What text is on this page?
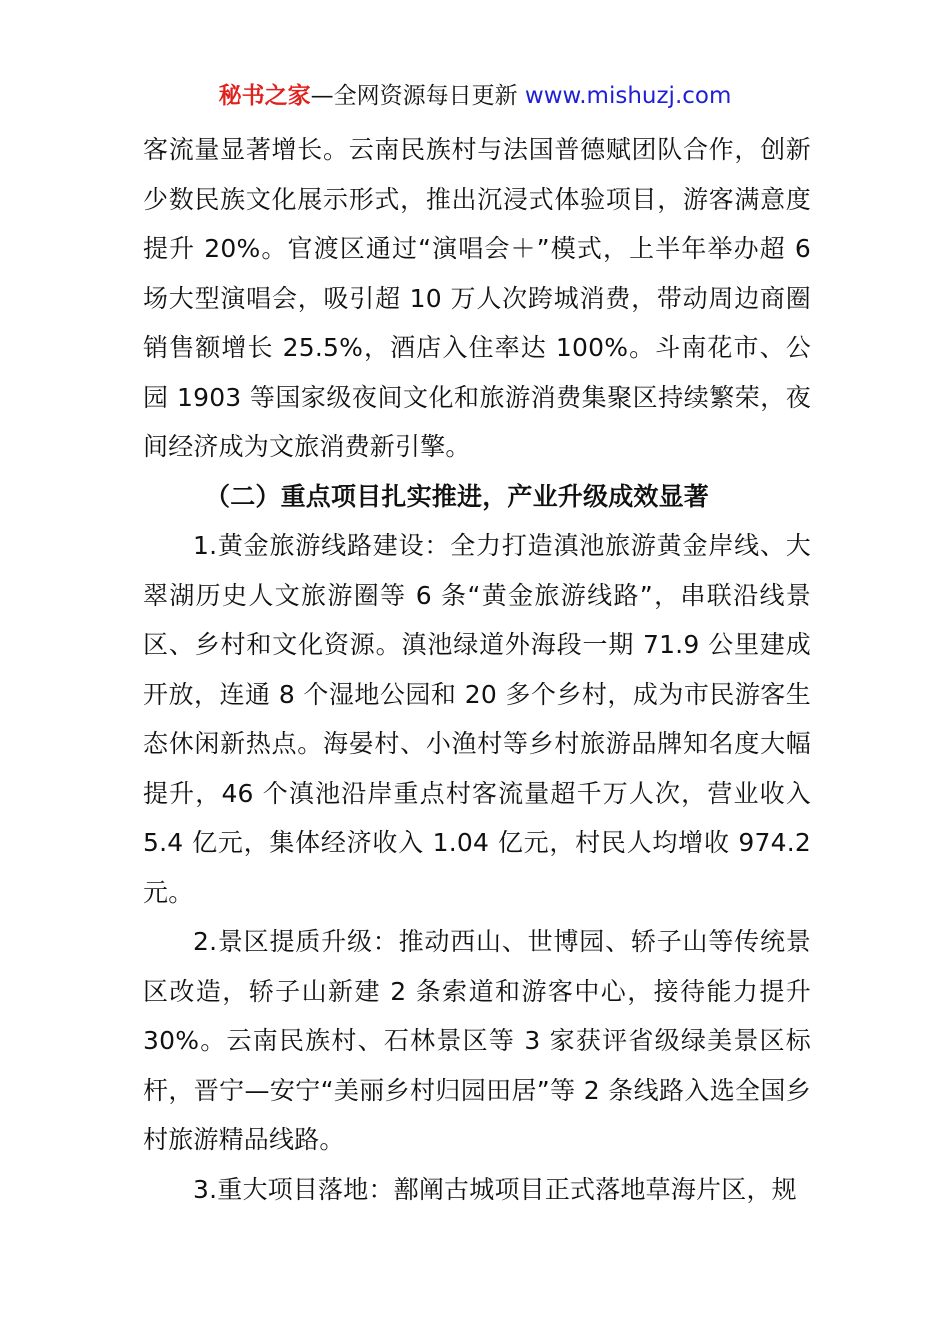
秘书之家—全网资源每日更新 www.mishuzj.com

客流量显著增长。云南民族村与法国普德赋团队合作，创新少数民族文化展示形式，推出沉浸式体验项目，游客满意度提升 20%。官渡区通过“演唱会＋”模式，上半年举办超 6 场大型演唱会，吸引超 10 万人次跨城消费，带动周边商圈销售额增长 25.5%，酒店入住率达 100%。斗南花市、公园 1903 等国家级夜间文化和旅游消费集聚区持续繁荣，夜间经济成为文旅消费新引擎。

（二）重点项目扎实推进，产业升级成效显著

1.黄金旅游线路建设：全力打造滇池旅游黄金岸线、大翠湖历史人文旅游圈等 6 条“黄金旅游线路”，串联沿线景区、乡村和文化资源。滇池绿道外海段一期 71.9 公里建成开放，连通 8 个湿地公园和 20 多个乡村，成为市民游客生态休闲新热点。海晏村、小渔村等乡村旅游品牌知名度大幅提升，46 个滇池沿岸重点村客流量超千万人次，营业收入 5.4 亿元，集体经济收入 1.04 亿元，村民人均增收 974.2 元。

2.景区提质升级：推动西山、世博园、轿子山等传统景区改造，轿子山新建 2 条索道和游客中心，接待能力提升 30%。云南民族村、石林景区等 3 家获评省级绿美景区标杆，晋宁—安宁“美丽乡村归园田居”等 2 条线路入选全国乡村旅游精品线路。

3.重大项目落地：鄯阐古城项目正式落地草海片区，规
